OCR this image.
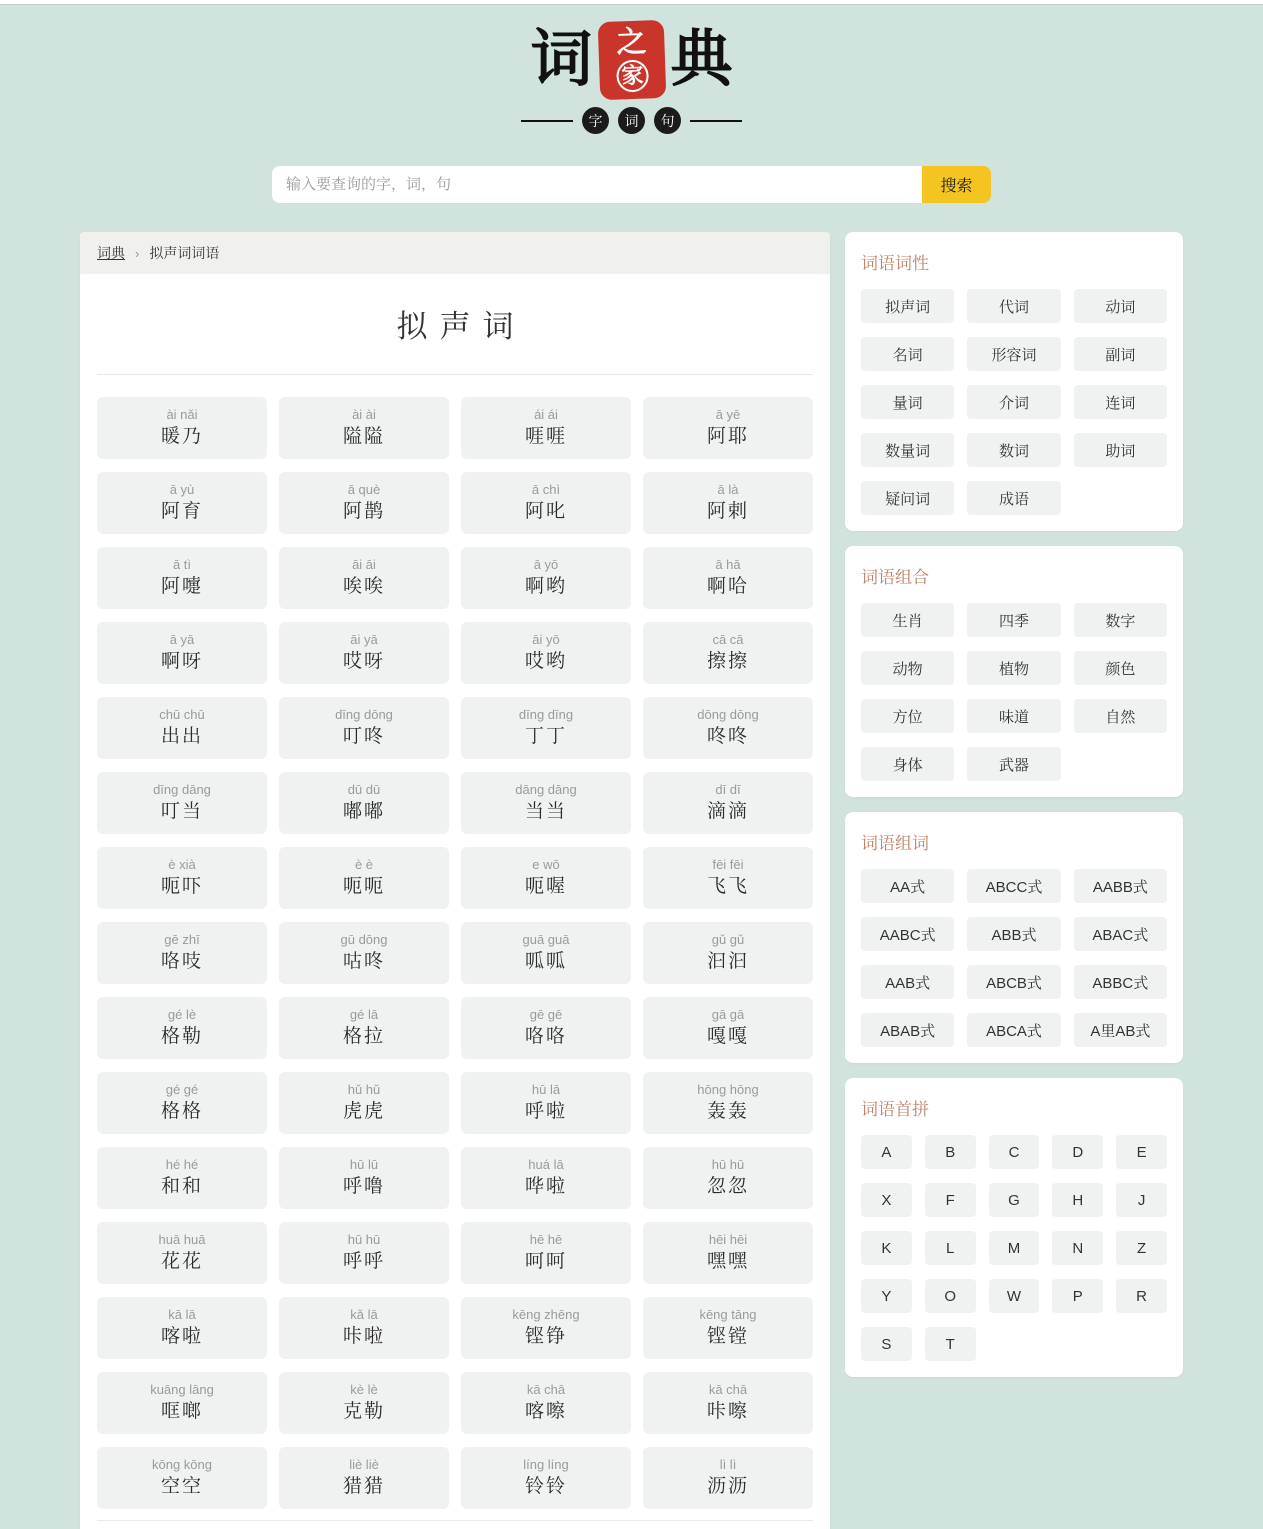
词 之
家 典
字	词	句
输入要查询的字，词，句
搜索
词典 › 拟声词词语
拟声词
ài nǎi
暖乃
ài ài
隘隘
ái ái
啀啀
ā yē
阿耶
ā yù
阿育
ā què
阿鹊
ā chì
阿叱
ā là
阿剌
ā tì
阿嚏
āi āi
唉唉
ā yō
啊哟
ā hā
啊哈
ā yā
啊呀
āi yā
哎呀
āi yō
哎哟
cā cā
擦擦
chū chū
出出
dīng dōng
叮咚
dīng dīng
丁丁
dōng dōng
咚咚
dīng dāng
叮当
dū dū
嘟嘟
dāng dāng
当当
dī dī
滴滴
è xià
呃吓
è è
呃呃
e wō
呃喔
fēi fēi
飞飞
gē zhī
咯吱
gū dōng
咕咚
guā guā
呱呱
gǔ gǔ
汩汩
gé lè
格勒
gé lā
格拉
gē gē
咯咯
gā gā
嘎嘎
gé gé
格格
hǔ hǔ
虎虎
hū lā
呼啦
hōng hōng
轰轰
hé hé
和和
hū lū
呼噜
huá lā
哗啦
hū hū
忽忽
huā huā
花花
hū hū
呼呼
hē hē
呵呵
hēi hēi
嘿嘿
kā lā
喀啦
kǎ lā
咔啦
kēng zhēng
铿铮
kēng tāng
铿镗
kuāng lāng
哐啷
kè lè
克勒
kā chā
喀嚓
kā chā
咔嚓
kōng kōng
空空
liè liè
猎猎
líng líng
铃铃
lì lì
沥沥
词语词性
拟声词	代词	动词
名词	形容词	副词
量词	介词	连词
数量词	数词	助词
疑问词	成语
词语组合
生肖	四季	数字
动物	植物	颜色
方位	味道	自然
身体	武器
词语组词
AA式	ABCC式	AABB式
AABC式	ABB式	ABAC式
AAB式	ABCB式	ABBC式
ABAB式	ABCA式	A里AB式
词语首拼
A	B	C	D	E
X	F	G	H	J
K	L	M	N	Z
Y	O	W	P	R
S	T
